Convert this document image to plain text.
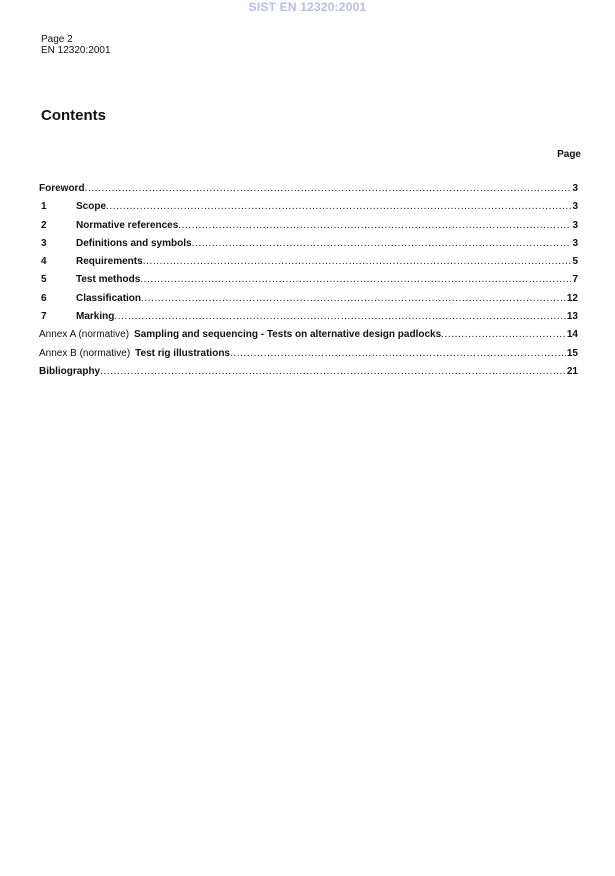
SIST EN 12320:2001
Page 2
EN 12320:2001
Contents
Page
Foreword .....	3
1	Scope .....	3
2	Normative references .....	3
3	Definitions and symbols .....	3
4	Requirements .....	5
5	Test methods .....	7
6	Classification .....	12
7	Marking .....	13
Annex A (normative) Sampling and sequencing - Tests on alternative design padlocks .....	14
Annex B (normative) Test rig illustrations .....	15
Bibliography .....	21
